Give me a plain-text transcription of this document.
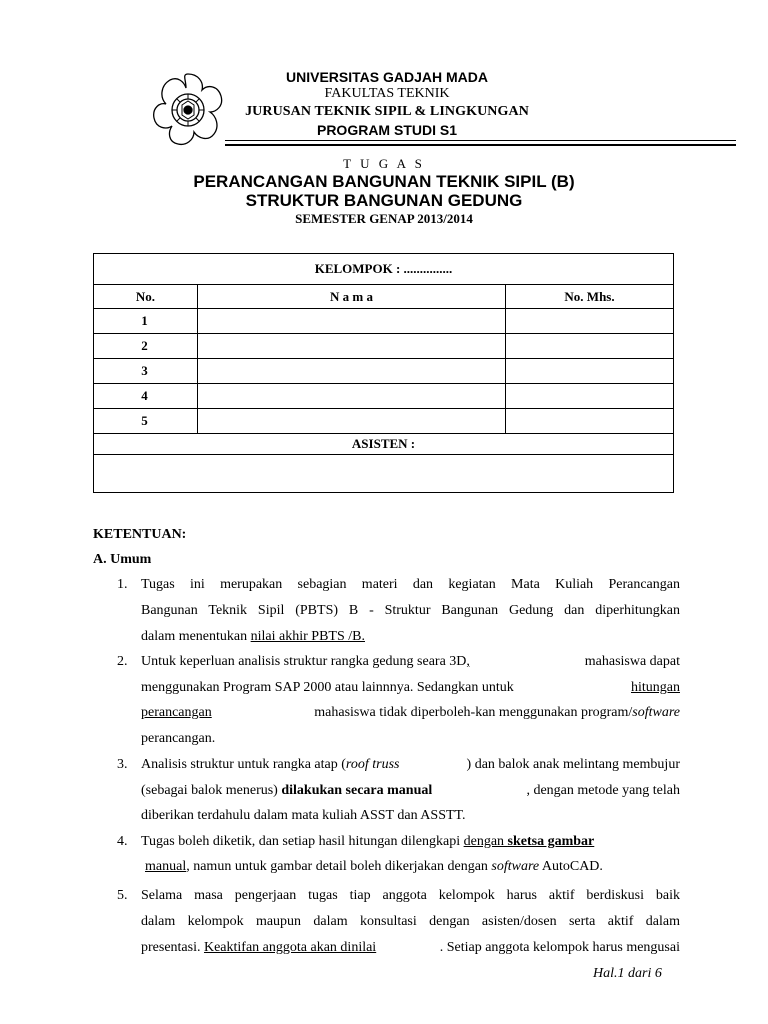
UNIVERSITAS GADJAH MADA
FAKULTAS TEKNIK
JURUSAN TEKNIK SIPIL & LINGKUNGAN
PROGRAM STUDI S1
T U G A S
PERANCANGAN BANGUNAN TEKNIK SIPIL (B)
STRUKTUR BANGUNAN GEDUNG
SEMESTER GENAP 2013/2014
KELOMPOK : ...............		
No.	N a m a	No. Mhs.
1		
2		
3		
4		
5		
ASISTEN :		

KETENTUAN:
A. Umum
1. Tugas ini merupakan sebagian materi dan kegiatan Mata Kuliah Perancangan
Bangunan Teknik Sipil (PBTS) B - Struktur Bangunan Gedung dan diperhitungkan
dalam menentukan nilai akhir PBTS /B.
2. Untuk keperluan analisis struktur rangka gedung seara 3D,	mahasiswa dapat
menggunakan Program SAP 2000 atau lainnnya. Sedangkan untuk	hitungan
perancangan	mahasiswa tidak diperboleh-kan menggunakan program/software
perancangan.
3. Analisis struktur untuk rangka atap (roof truss	) dan balok anak melintang membujur
(sebagai balok menerus) dilakukan secara manual	, dengan metode yang telah
diberikan terdahulu dalam mata kuliah ASST dan ASSTT.
4. Tugas boleh diketik, dan setiap hasil hitungan dilengkapi dengan sketsa gambar
manual, namun untuk gambar detail boleh dikerjakan dengan software AutoCAD.
5. Selama masa pengerjaan tugas tiap anggota kelompok harus aktif berdiskusi baik
dalam kelompok maupun dalam konsultasi dengan asisten/dosen serta aktif dalam
presentasi. Keaktifan anggota akan dinilai	. Setiap anggota kelompok harus mengusai
Hal.1 dari 6
